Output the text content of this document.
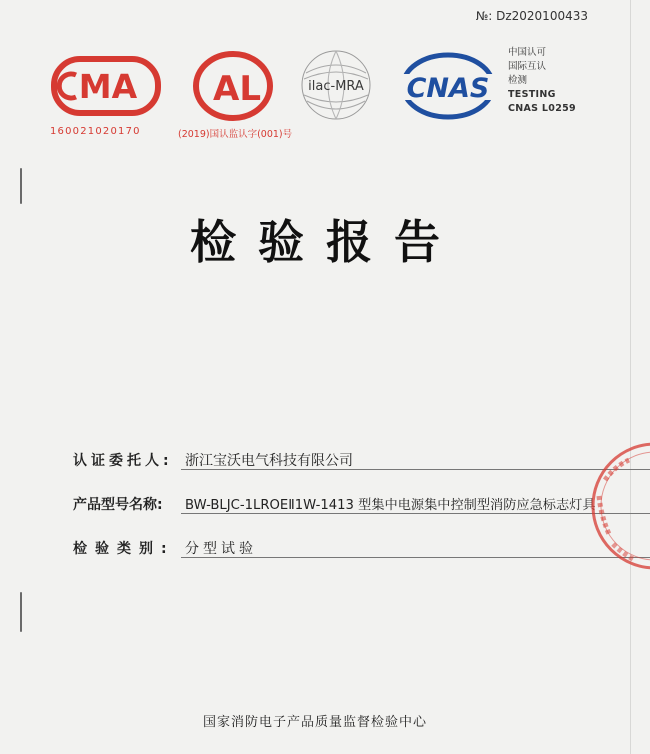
№: Dz2020100433
MA
160021020170
AL
(2019)国认监认字(001)号
ilac-MRA CNAS
中国认可
国际互认
检测
TESTING
CNAS L0259
检验报告
认证委托人: 浙江宝沃电气科技有限公司
产品型号名称: BW-BLJC-1LROEⅡ1W-1413 型集中电源集中控制型消防应急标志灯具
检验类别: 分型试验
国家消防电子产品质量监督检验中心
